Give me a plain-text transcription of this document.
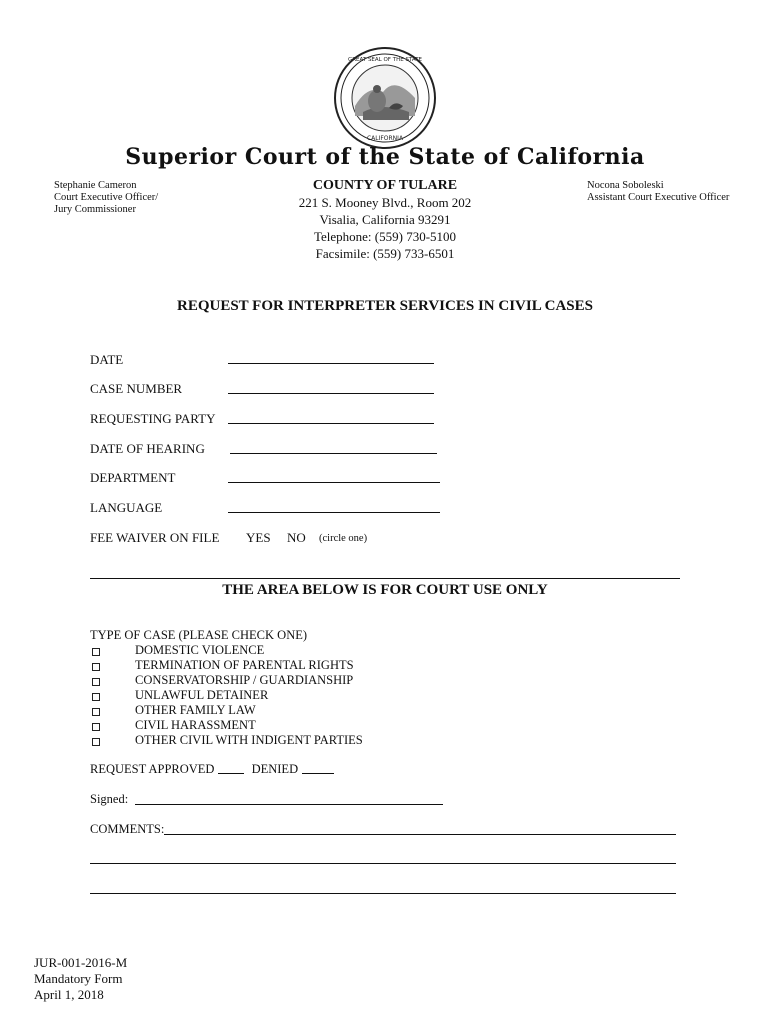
GREAT SEAL OF THE STATE
CALIFORNIA
Superior Court of the State of California
Stephanie Cameron
Court Executive Officer/
Jury Commissioner
COUNTY OF TULARE
221 S. Mooney Blvd., Room 202
Visalia, California 93291
Telephone: (559) 730-5100
Facsimile: (559) 733-6501
Nocona Soboleski
Assistant Court Executive Officer
REQUEST FOR INTERPRETER SERVICES IN CIVIL CASES
DATE
CASE NUMBER
REQUESTING PARTY
DATE OF HEARING
DEPARTMENT
LANGUAGE
FEE WAIVER ON FILE YES NO (circle one)
THE AREA BELOW IS FOR COURT USE ONLY
TYPE OF CASE (PLEASE CHECK ONE)
DOMESTIC VIOLENCE
TERMINATION OF PARENTAL RIGHTS
CONSERVATORSHIP / GUARDIANSHIP
UNLAWFUL DETAINER
OTHER FAMILY LAW
CIVIL HARASSMENT
OTHER CIVIL WITH INDIGENT PARTIES
REQUEST APPROVED	DENIED
Signed:
COMMENTS:
JUR-001-2016-M
Mandatory Form
April 1, 2018
